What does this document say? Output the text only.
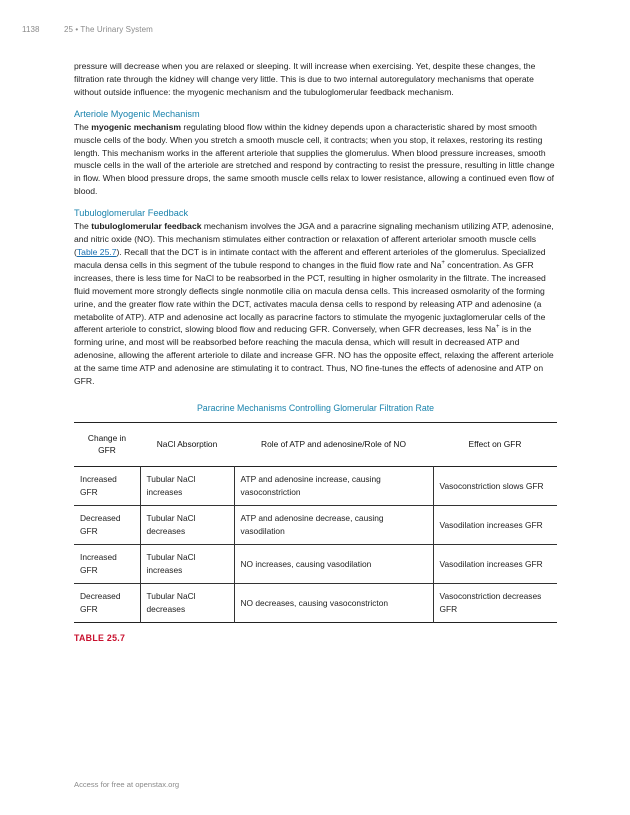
1138	25 • The Urinary System

pressure will decrease when you are relaxed or sleeping. It will increase when exercising. Yet, despite these changes, the filtration rate through the kidney will change very little. This is due to two internal autoregulatory mechanisms that operate without outside influence: the myogenic mechanism and the tubuloglomerular feedback mechanism.

Arteriole Myogenic Mechanism

The myogenic mechanism regulating blood flow within the kidney depends upon a characteristic shared by most smooth muscle cells of the body. When you stretch a smooth muscle cell, it contracts; when you stop, it relaxes, restoring its resting length. This mechanism works in the afferent arteriole that supplies the glomerulus. When blood pressure increases, smooth muscle cells in the wall of the arteriole are stretched and respond by contracting to resist the pressure, resulting in little change in flow. When blood pressure drops, the same smooth muscle cells relax to lower resistance, allowing a continued even flow of blood.

Tubuloglomerular Feedback

The tubuloglomerular feedback mechanism involves the JGA and a paracrine signaling mechanism utilizing ATP, adenosine, and nitric oxide (NO). This mechanism stimulates either contraction or relaxation of afferent arteriolar smooth muscle cells (Table 25.7). Recall that the DCT is in intimate contact with the afferent and efferent arterioles of the glomerulus. Specialized macula densa cells in this segment of the tubule respond to changes in the fluid flow rate and Na+ concentration. As GFR increases, there is less time for NaCl to be reabsorbed in the PCT, resulting in higher osmolarity in the filtrate. The increased fluid movement more strongly deflects single nonmotile cilia on macula densa cells. This increased osmolarity of the forming urine, and the greater flow rate within the DCT, activates macula densa cells to respond by releasing ATP and adenosine (a metabolite of ATP). ATP and adenosine act locally as paracrine factors to stimulate the myogenic juxtaglomerular cells of the afferent arteriole to constrict, slowing blood flow and reducing GFR. Conversely, when GFR decreases, less Na+ is in the forming urine, and most will be reabsorbed before reaching the macula densa, which will result in decreased ATP and adenosine, allowing the afferent arteriole to dilate and increase GFR. NO has the opposite effect, relaxing the afferent arteriole at the same time ATP and adenosine are stimulating it to contract. Thus, NO fine-tunes the effects of adenosine and ATP on GFR.

Paracrine Mechanisms Controlling Glomerular Filtration Rate
Change in GFR	NaCl Absorption	Role of ATP and adenosine/Role of NO	Effect on GFR
Increased GFR	Tubular NaCl increases	ATP and adenosine increase, causing vasoconstriction	Vasoconstriction slows GFR
Decreased GFR	Tubular NaCl decreases	ATP and adenosine decrease, causing vasodilation	Vasodilation increases GFR
Increased GFR	Tubular NaCl increases	NO increases, causing vasodilation	Vasodilation increases GFR
Decreased GFR	Tubular NaCl decreases	NO decreases, causing vasoconstricton	Vasoconstriction decreases GFR
TABLE 25.7
Access for free at openstax.org
